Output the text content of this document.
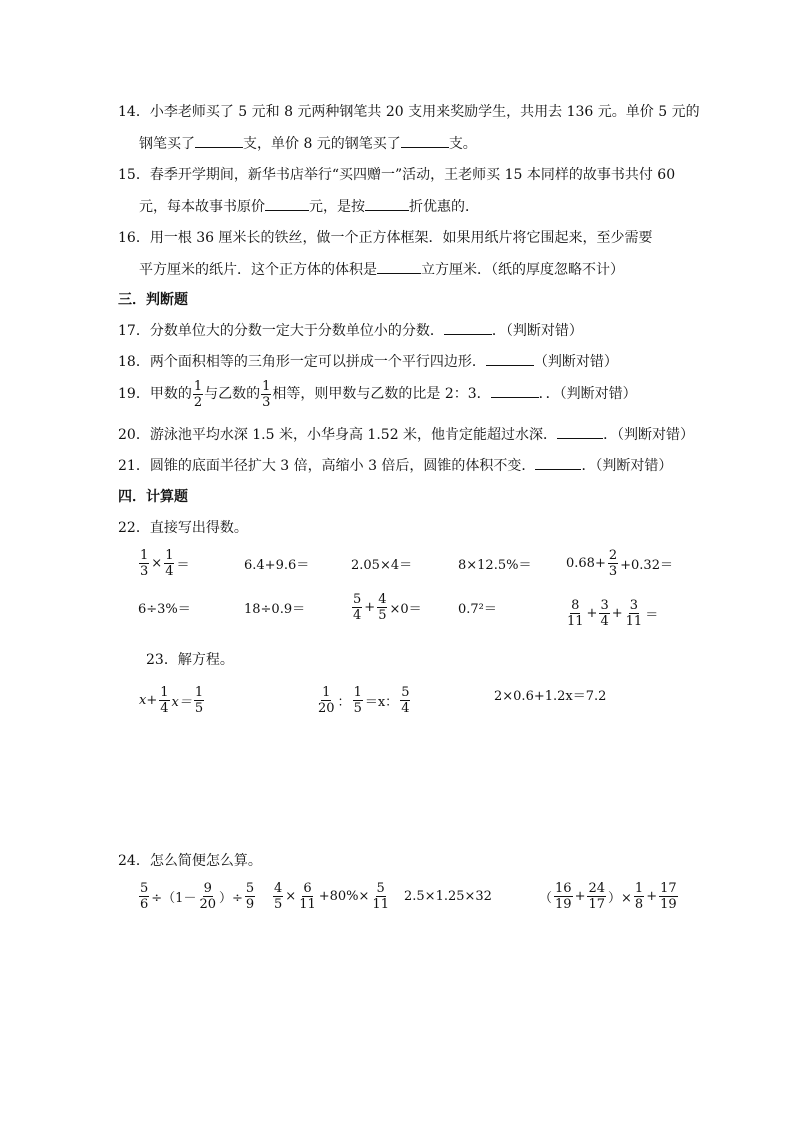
14．小李老师买了 5 元和 8 元两种钢笔共 20 支用来奖励学生，共用去 136 元。单价 5 元的
钢笔买了	支，单价 8 元的钢笔买了	支。
15．春季开学期间，新华书店举行“买四赠一”活动，王老师买 15 本同样的故事书共付 60
元，每本故事书原价	元，是按	折优惠的．
16．用一根 36 厘米长的铁丝，做一个正方体框架．如果用纸片将它围起来，至少需要
平方厘米的纸片．这个正方体的体积是	立方厘米．（纸的厚度忽略不计）
三．判断题
17．分数单位大的分数一定大于分数单位小的分数．	．（判断对错）
18．两个面积相等的三角形一定可以拼成一个平行四边形．	（判断对错）
19．甲数的 $\frac{1}{2}$ 与乙数的 $\frac{1}{3}$ 相等，则甲数与乙数的比是 2：3．	．．（判断对错）
20．游泳池平均水深 1.5 米，小华身高 1.52 米，他肯定能超过水深．	．（判断对错）
21．圆锥的底面半径扩大 3 倍，高缩小 3 倍后，圆锥的体积不变．	．（判断对错）
四．计算题
22．直接写出得数。
$\frac{1}{3} \times \frac{1}{4}$ ＝	6.4+9.6＝	2.05×4＝	8×12.5%＝	$0.68+ \frac{2}{3} +0.32=$
6÷3%＝	18÷0.9＝	$\frac{5}{4} + \frac{4}{5} \times 0=$	0.7²＝	$\frac{8}{11} + \frac{3}{4} + \frac{3}{11}$ ＝
23．解方程。
$x+ \frac{1}{4} x= \frac{1}{5}$	$\frac{1}{20}$ ： $\frac{1}{5} =x$： $\frac{5}{4}$	2×0.6+1.2x＝7.2
24．怎么简便怎么算。
$\frac{5}{6} \div(1- \frac{9}{20}$ ）÷ $\frac{5}{9} \frac{4}{5} \times \frac{6}{11} +80\%\times \frac{5}{11} 2.5\times 1.25\times 32$	（ $\frac{16}{19} + \frac{24}{17}$ ）× $\frac{1}{8} + \frac{17}{19}$
